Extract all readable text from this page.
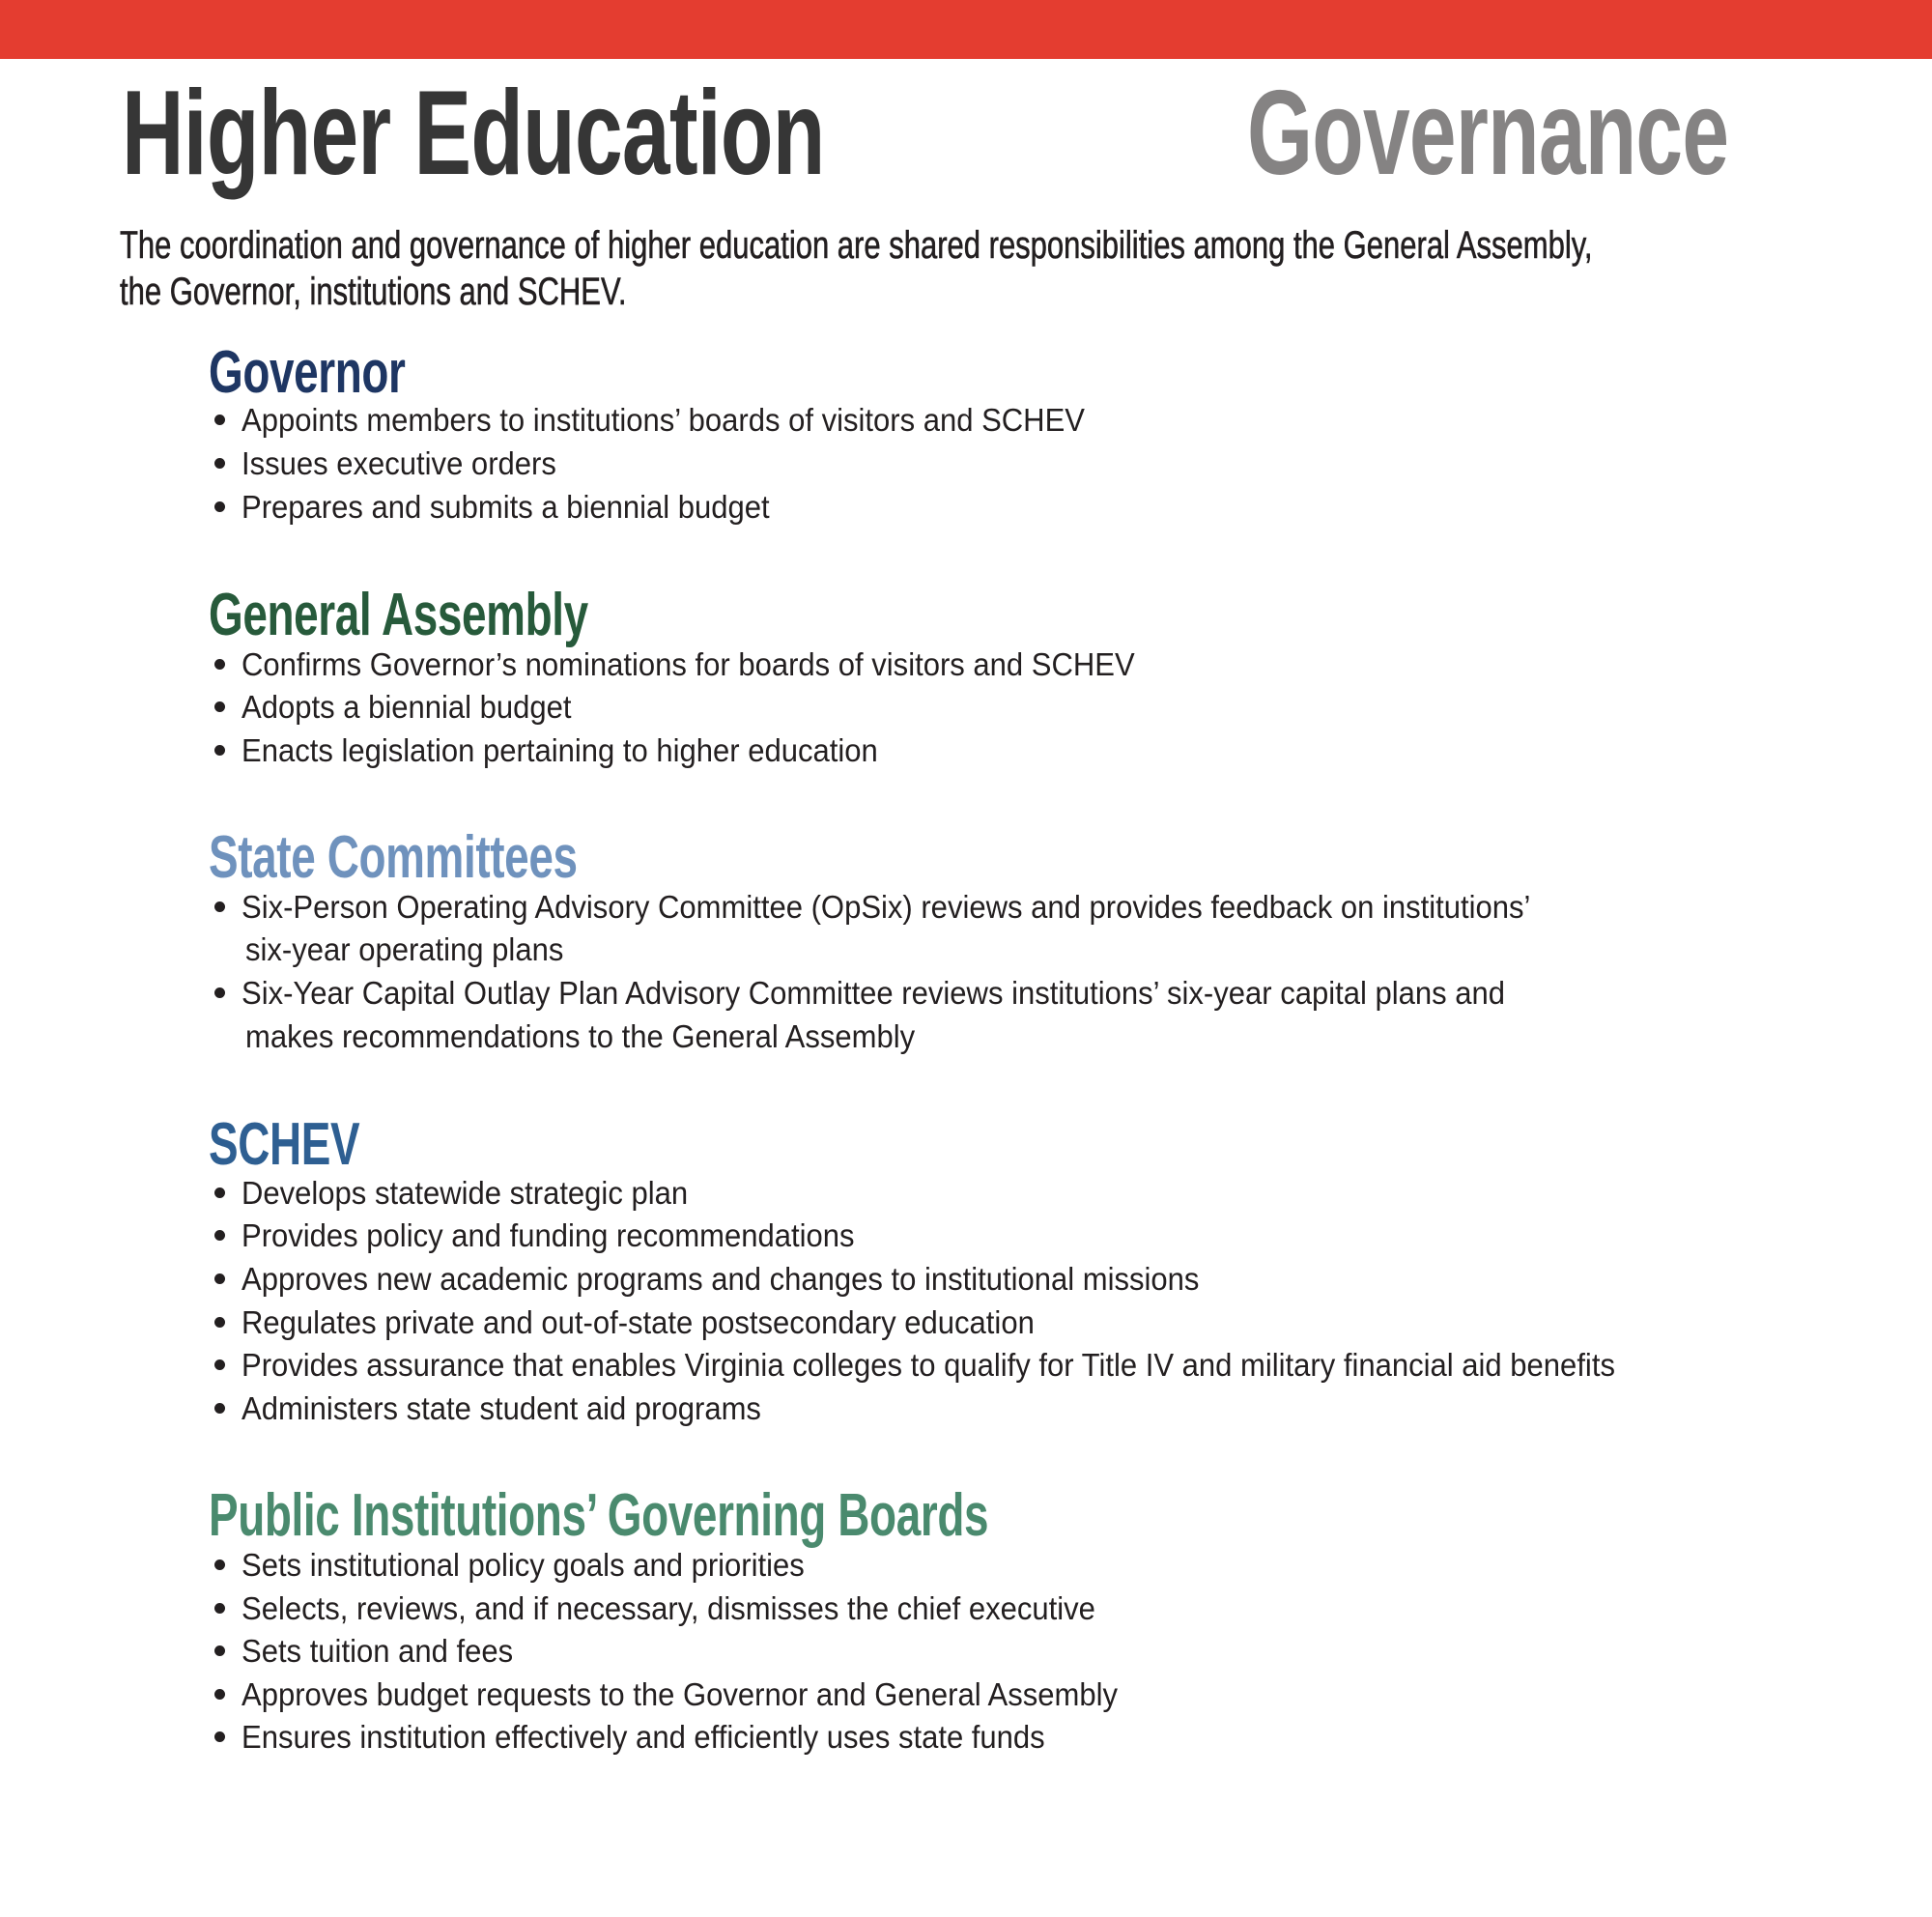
Higher Education	Governance
The coordination and governance of higher education are shared responsibilities among the General Assembly,
the Governor, institutions and SCHEV.
Governor
Appoints members to institutions’ boards of visitors and SCHEV
Issues executive orders
Prepares and submits a biennial budget
General Assembly
Confirms Governor’s nominations for boards of visitors and SCHEV
Adopts a biennial budget
Enacts legislation pertaining to higher education
State Committees
Six-Person Operating Advisory Committee (OpSix) reviews and provides feedback on institutions’
six-year operating plans
Six-Year Capital Outlay Plan Advisory Committee reviews institutions’ six-year capital plans and
makes recommendations to the General Assembly
SCHEV
Develops statewide strategic plan
Provides policy and funding recommendations
Approves new academic programs and changes to institutional missions
Regulates private and out-of-state postsecondary education
Provides assurance that enables Virginia colleges to qualify for Title IV and military financial aid benefits
Administers state student aid programs
Public Institutions’ Governing Boards
Sets institutional policy goals and priorities
Selects, reviews, and if necessary, dismisses the chief executive
Sets tuition and fees
Approves budget requests to the Governor and General Assembly
Ensures institution effectively and efficiently uses state funds
